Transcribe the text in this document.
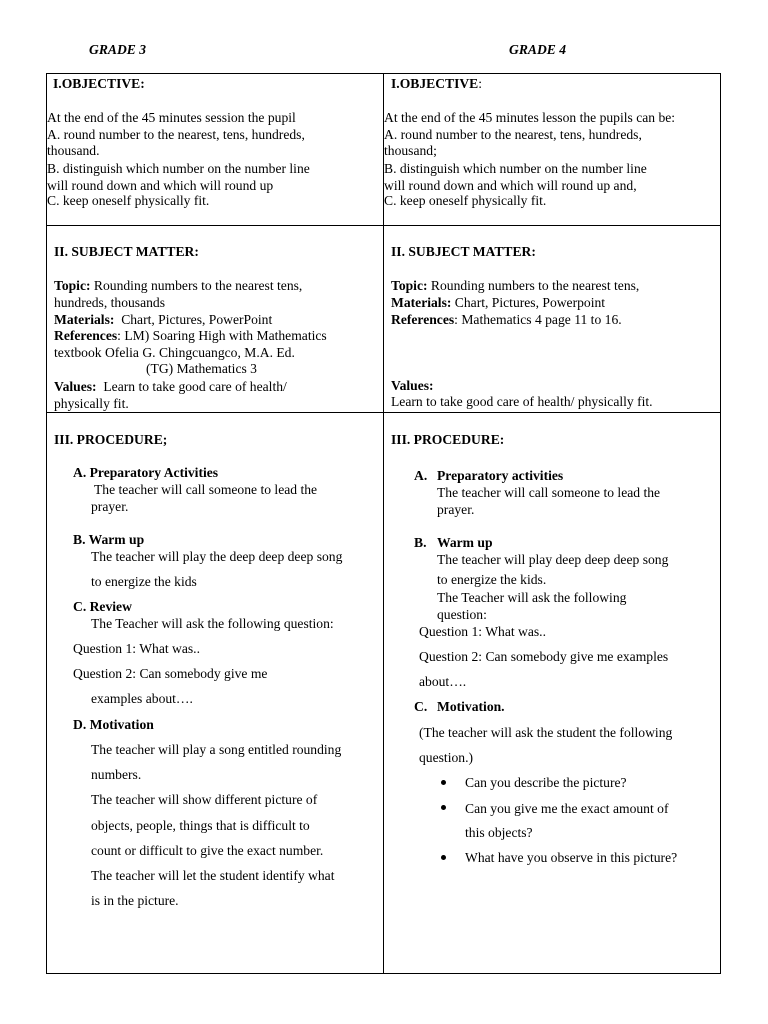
GRADE 3	GRADE 4
I.OBJECTIVE:
At the end of the 45 minutes session the pupil
A. round number to the nearest, tens, hundreds,
thousand.
B. distinguish which number on the number line
will round down and which will round up
C. keep oneself physically fit.
I.OBJECTIVE:
At the end of the 45 minutes lesson the pupils can be:
A. round number to the nearest, tens, hundreds,
thousand;
B. distinguish which number on the number line
will round down and which will round up and,
C. keep oneself physically fit.
II. SUBJECT MATTER:
Topic: Rounding numbers to the nearest tens,
hundreds, thousands
Materials: Chart, Pictures, PowerPoint
References: LM) Soaring High with Mathematics
textbook Ofelia G. Chingcuangco, M.A. Ed.
(TG) Mathematics 3
Values: Learn to take good care of health/
physically fit.
II. SUBJECT MATTER:
Topic: Rounding numbers to the nearest tens,
Materials: Chart, Pictures, Powerpoint
References: Mathematics 4 page 11 to 16.
Values:
Learn to take good care of health/ physically fit.
III. PROCEDURE;
A. Preparatory Activities
The teacher will call someone to lead the
prayer.
B. Warm up
The teacher will play the deep deep deep song
to energize the kids
C. Review
The Teacher will ask the following question:
Question 1: What was..
Question 2: Can somebody give me
examples about….
D. Motivation
The teacher will play a song entitled rounding
numbers.
The teacher will show different picture of
objects, people, things that is difficult to
count or difficult to give the exact number.
The teacher will let the student identify what
is in the picture.
III. PROCEDURE:
A. Preparatory activities
The teacher will call someone to lead the
prayer.
B. Warm up
The teacher will play deep deep deep song
to energize the kids.
The Teacher will ask the following
question:
Question 1: What was..
Question 2: Can somebody give me examples
about….
C. Motivation.
(The teacher will ask the student the following
question.)
Can you describe the picture?
Can you give me the exact amount of
this objects?
What have you observe in this picture?
